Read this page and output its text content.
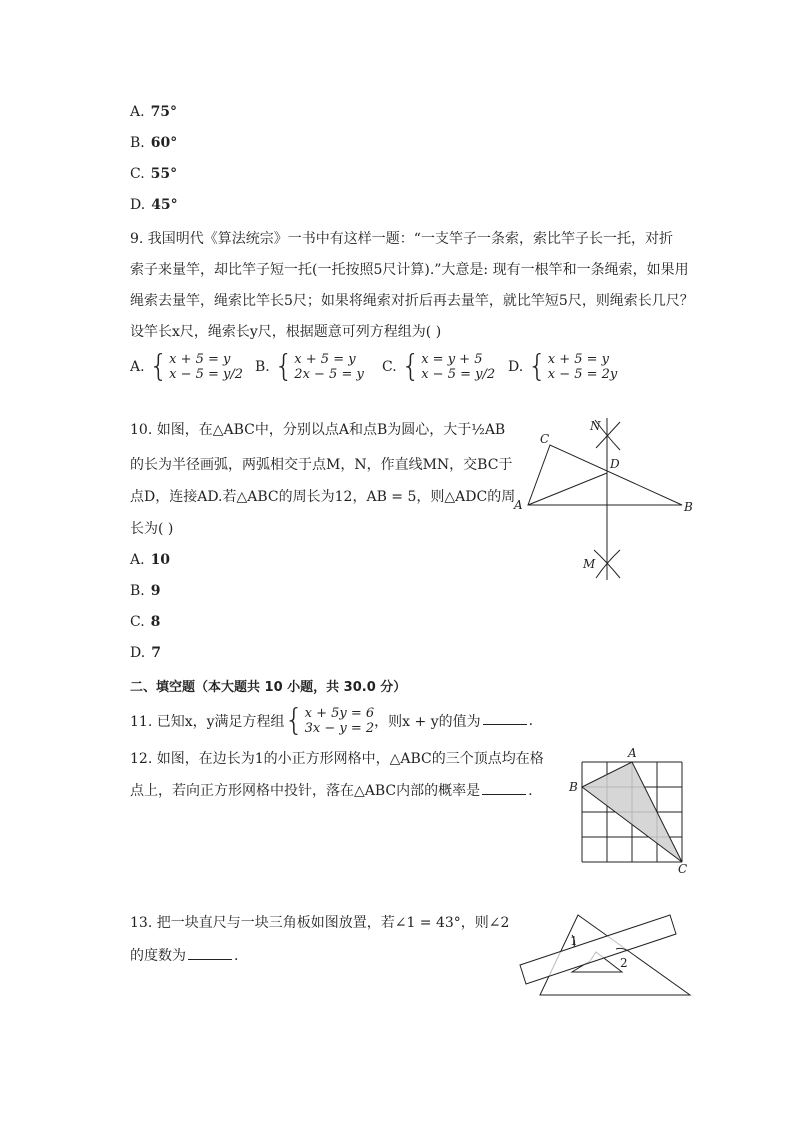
A. 75°
B. 60°
C. 55°
D. 45°
9. 我国明代《算法统宗》一书中有这样一题：“一支竿子一条索，索比竿子长一托，对折
索子来量竿，却比竿子短一托(一托按照5尺计算).”大意是: 现有一根竿和一条绳索，如果用
绳索去量竿，绳索比竿长5尺；如果将绳索对折后再去量竿，就比竿短5尺，则绳索长几尺？
设竿长x尺，绳索长y尺，根据题意可列方程组为( )
A. { x + 5 = y
x − 5 = y/2 B. { x + 5 = y
2x − 5 = y C. { x = y + 5
x − 5 = y/2 D. { x + 5 = y
x − 5 = 2y
10. 如图，在△ABC中，分别以点A和点B为圆心，大于½AB
的长为半径画弧，两弧相交于点M，N，作直线MN，交BC于
点D，连接AD.若△ABC的周长为12，AB = 5，则△ADC的周
长为( )
A. 10
B. 9
C. 8
D. 7
C
N
D
A	B
M
二、填空题（本大题共 10 小题，共 30.0 分）
11. 已知x，y满足方程组 { x + 5y = 6
3x − y = 2 ，则x + y的值为	.
12. 如图，在边长为1的小正方形网格中，△ABC的三个顶点均在格
点上，若向正方形网格中投针，落在△ABC内部的概率是	.
A
B
C
13. 把一块直尺与一块三角板如图放置，若∠1 = 43°，则∠2
的度数为	.
1
2
